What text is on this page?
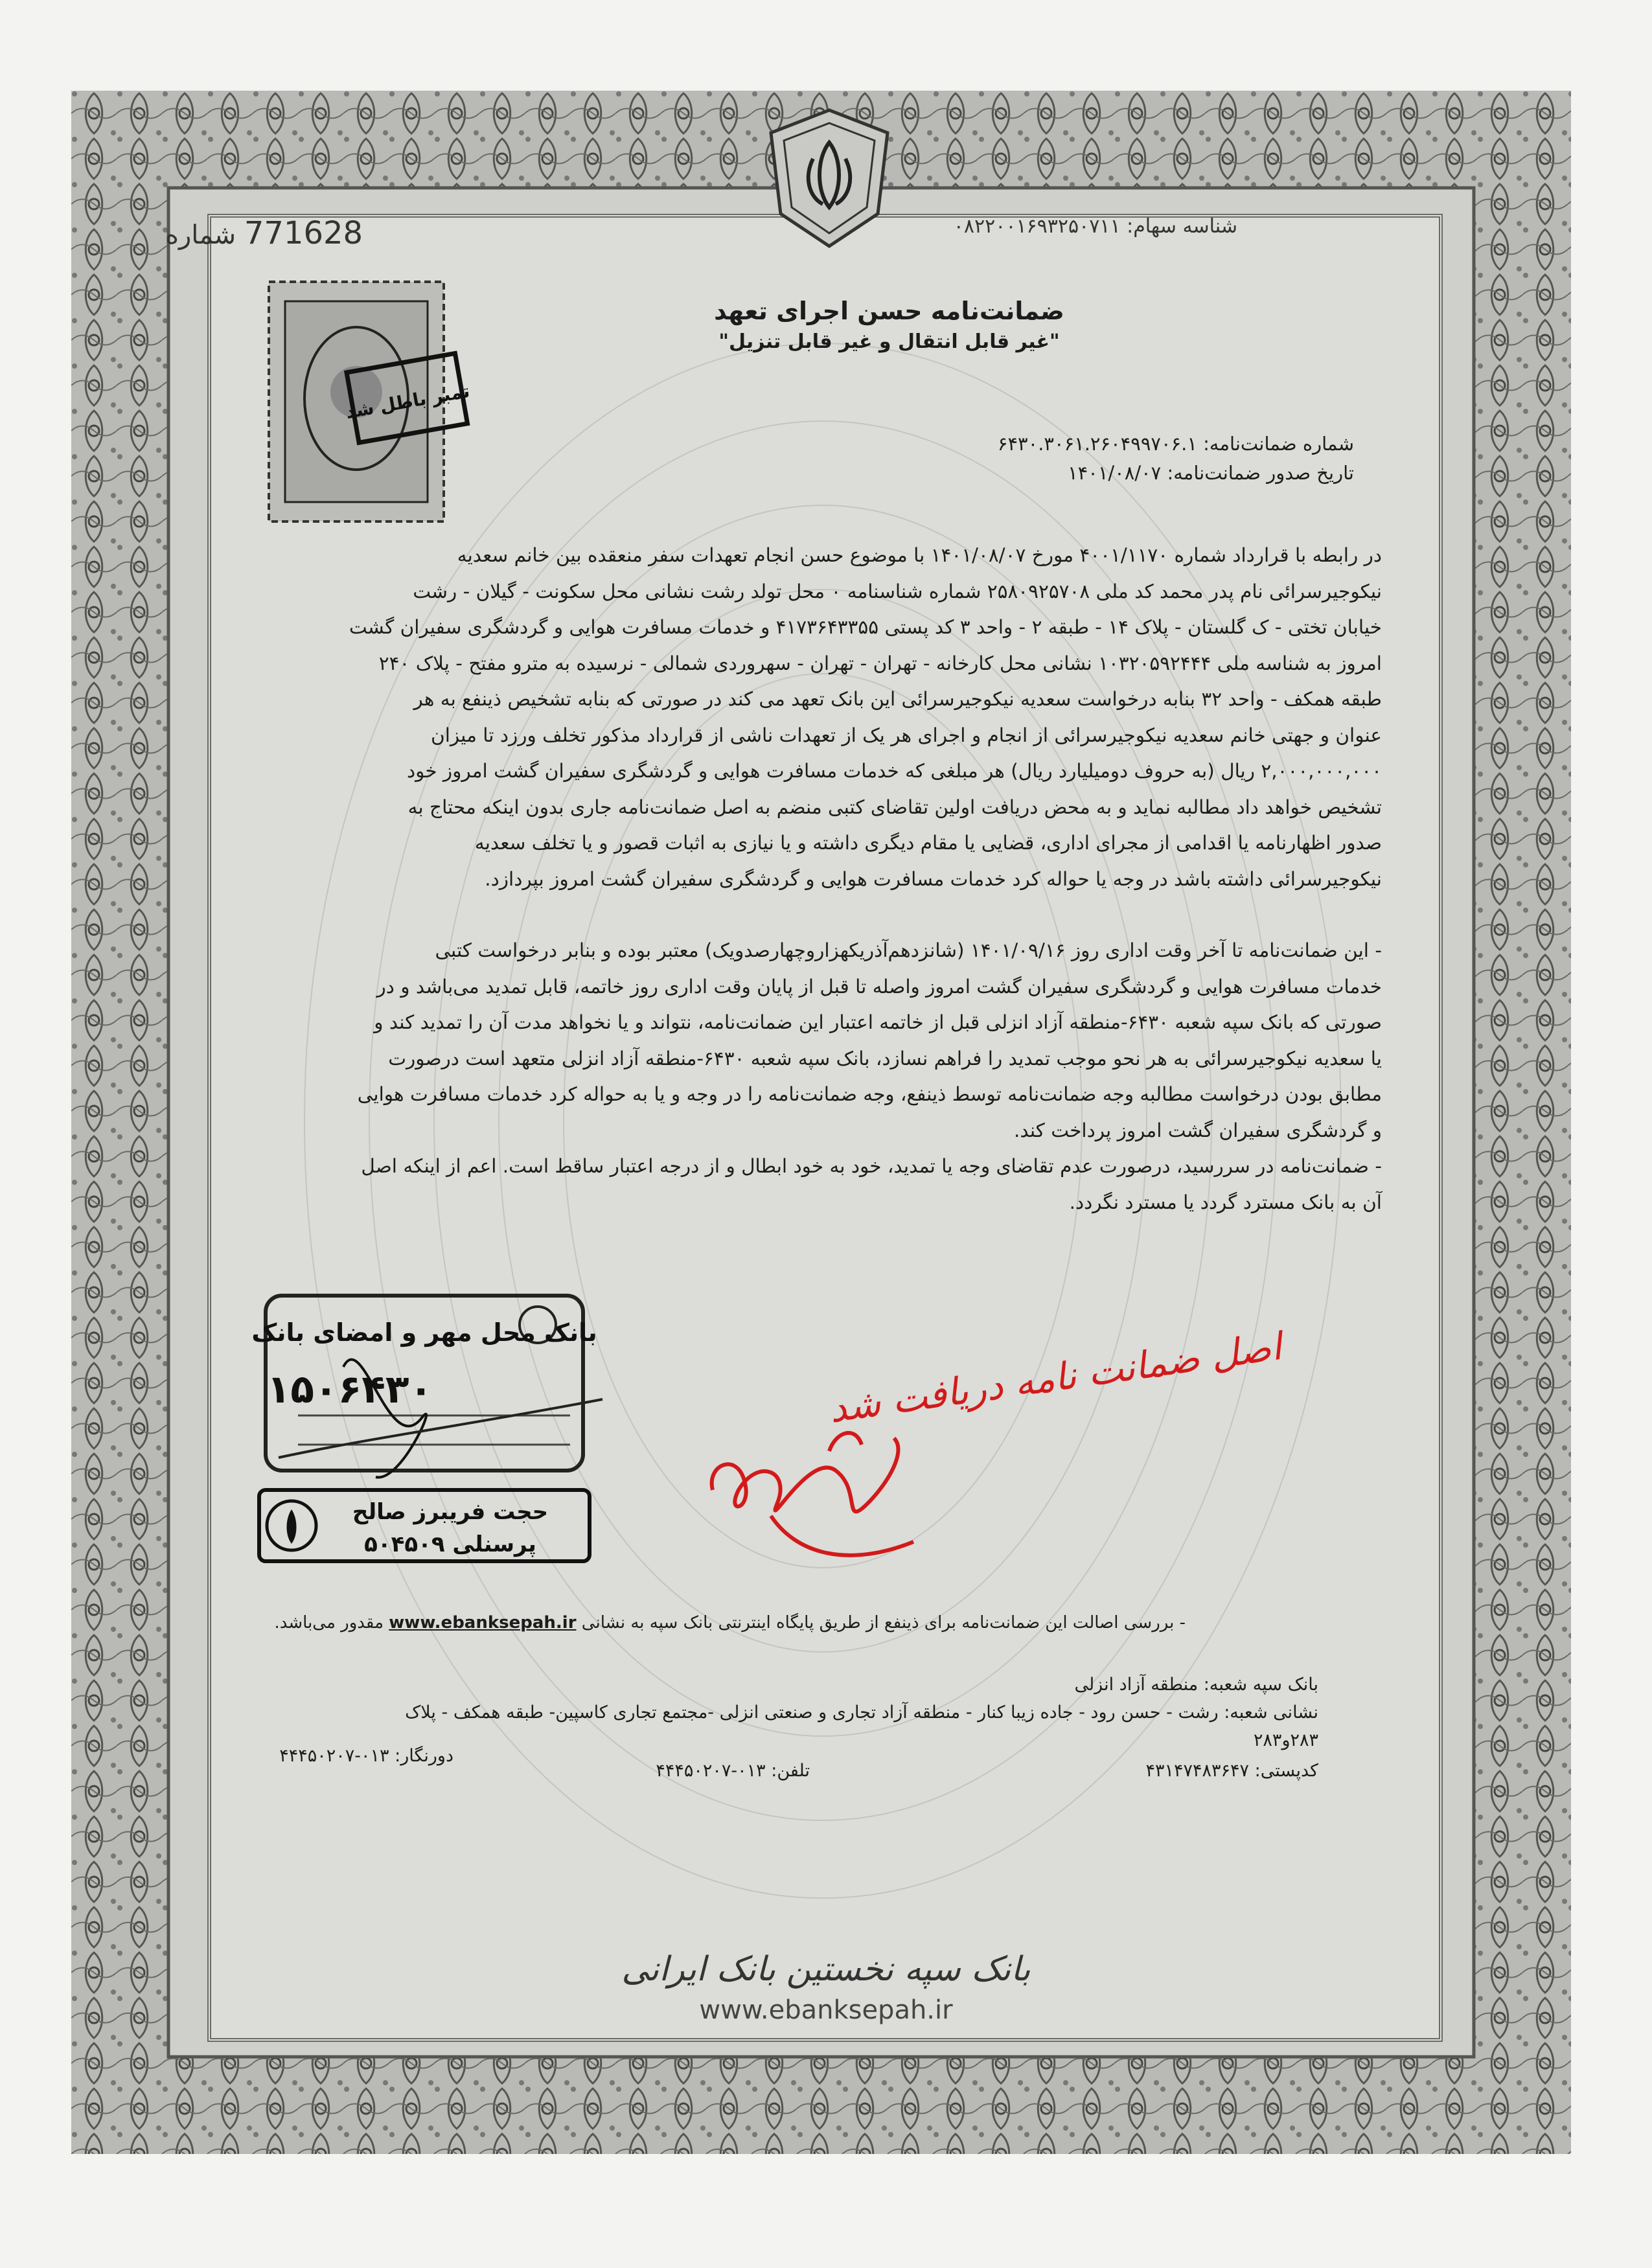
771628 شماره	شناسه سهام: ۰۸۲۲۰۰۱۶۹۳۲۵۰۷۱۱
تمبر باطل شد
ضمانت‌نامه حسن اجرای تعهد
"غیر قابل انتقال و غیر قابل تنزیل"
شماره ضمانت‌نامه: ۶۴۳۰.۳۰۶۱.۲۶۰۴۹۹۷۰۶.۱
تاریخ صدور ضمانت‌نامه: ۱۴۰۱/۰۸/۰۷

در رابطه با قرارداد شماره ۴۰۰۱/۱۱۷۰ مورخ ۱۴۰۱/۰۸/۰۷ با موضوع حسن انجام تعهدات سفر منعقده بین خانم سعدیه

نیکوجیرسرائی نام پدر محمد کد ملی ۲۵۸۰۹۲۵۷۰۸ شماره شناسنامه ۰ محل تولد رشت نشانی محل سکونت - گیلان - رشت

خیابان تختی - ک گلستان - پلاک ۱۴ - طبقه ۲ - واحد ۳ کد پستی ۴۱۷۳۶۴۳۳۵۵ و خدمات مسافرت هوایی و گردشگری سفیران گشت

امروز به شناسه ملی ۱۰۳۲۰۵۹۲۴۴۴ نشانی محل کارخانه - تهران - تهران - سهروردی شمالی - نرسیده به مترو مفتح - پلاک ۲۴۰

طبقه همکف - واحد ۳۲ بنابه درخواست سعدیه نیکوجیرسرائی این بانک تعهد می کند در صورتی که بنابه تشخیص ذینفع به هر

عنوان و جهتی خانم سعدیه نیکوجیرسرائی از انجام و اجرای هر یک از تعهدات ناشی از قرارداد مذکور تخلف ورزد تا میزان

۲,۰۰۰,۰۰۰,۰۰۰ ریال (به حروف دومیلیارد ریال) هر مبلغی که خدمات مسافرت هوایی و گردشگری سفیران گشت امروز خود

تشخیص خواهد داد مطالبه نماید و به محض دریافت اولین تقاضای کتبی منضم به اصل ضمانت‌نامه جاری بدون اینکه محتاج به

صدور اظهارنامه یا اقدامی از مجرای اداری، قضایی یا مقام دیگری داشته و یا نیازی به اثبات قصور و یا تخلف سعدیه

نیکوجیرسرائی داشته باشد در وجه یا حواله کرد خدمات مسافرت هوایی و گردشگری سفیران گشت امروز بپردازد.

- این ضمانت‌نامه تا آخر وقت اداری روز ۱۴۰۱/۰۹/۱۶ (شانزدهم‌آذریکهزاروچهارصدویک) معتبر بوده و بنابر درخواست کتبی

خدمات مسافرت هوایی و گردشگری سفیران گشت امروز واصله تا قبل از پایان وقت اداری روز خاتمه، قابل تمدید می‌باشد و در

صورتی که بانک سپه شعبه ۶۴۳۰-منطقه آزاد انزلی قبل از خاتمه اعتبار این ضمانت‌نامه، نتواند و یا نخواهد مدت آن را تمدید کند و

یا سعدیه نیکوجیرسرائی به هر نحو موجب تمدید را فراهم نسازد، بانک سپه شعبه ۶۴۳۰-منطقه آزاد انزلی متعهد است درصورت

مطابق بودن درخواست مطالبه وجه ضمانت‌نامه توسط ذینفع، وجه ضمانت‌نامه را در وجه و یا به حواله کرد خدمات مسافرت هوایی

و گردشگری سفیران گشت امروز پرداخت کند.

- ضمانت‌نامه در سررسید، درصورت عدم تقاضای وجه یا تمدید، خود به خود ابطال و از درجه اعتبار ساقط است. اعم از اینکه اصل

آن به بانک مسترد گردد یا مسترد نگردد.

بانک محل مهر و امضای بانک
۱۵۰۶۴۳۰
حجت فریبرز صالح
پرسنلی ۵۰۴۵۰۹
اصل ضمانت نامه دریافت شد
- بررسی اصالت این ضمانت‌نامه برای ذینفع از طریق پایگاه اینترنتی بانک سپه به نشانی www.ebanksepah.ir مقدور می‌باشد.
بانک سپه شعبه: منطقه آزاد انزلی
نشانی شعبه: رشت - حسن رود - جاده زیبا کنار - منطقه آزاد تجاری و صنعتی انزلی -مجتمع تجاری کاسپین- طبقه همکف - پلاک
۲۸۳و۲۸۳
کدپستی: ۴۳۱۴۷۴۸۳۶۴۷
تلفن: ۰۱۳-۴۴۴۵۰۲۰۷
دورنگار: ۰۱۳-۴۴۴۵۰۲۰۷
بانک سپه نخستین بانک ایرانی
www.ebanksepah.ir
